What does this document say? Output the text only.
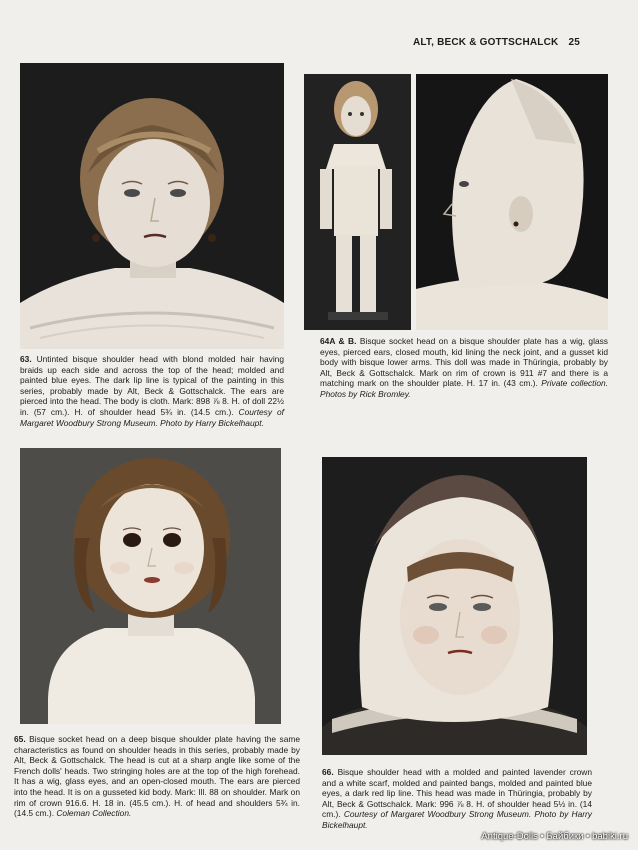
ALT, BECK & GOTTSCHALCK 25
63. Untinted bisque shoulder head with blond molded hair having braids up each side and across the top of the head; molded and painted blue eyes. The dark lip line is typical of the painting in this series, probably made by Alt, Beck & Gottschalck. The ears are pierced into the head. The body is cloth. Mark: 898 ⅞ 8. H. of doll 22½ in. (57 cm.). H. of shoulder head 5¾ in. (14.5 cm.). Courtesy of Margaret Woodbury Strong Museum. Photo by Harry Bickelhaupt.
64A & B. Bisque socket head on a bisque shoulder plate has a wig, glass eyes, pierced ears, closed mouth, kid lining the neck joint, and a gusset kid body with bisque lower arms. This doll was made in Thüringia, probably by Alt, Beck & Gottschalck. Mark on rim of crown is 911 #7 and there is a matching mark on the shoulder plate. H. 17 in. (43 cm.). Private collection. Photos by Rick Bromley.
65. Bisque socket head on a deep bisque shoulder plate having the same characteristics as found on shoulder heads in this series, probably made by Alt, Beck & Gottschalck. The head is cut at a sharp angle like some of the French dolls' heads. Two stringing holes are at the top of the high forehead. It has a wig, glass eyes, and an open-closed mouth. The ears are pierced into the head. It is on a gusseted kid body. Mark: Ill. 88 on shoulder. Mark on rim of crown 916.6. H. 18 in. (45.5 cm.). H. of head and shoulders 5¾ in. (14.5 cm.). Coleman Collection.
66. Bisque shoulder head with a molded and painted lavender crown and a white scarf, molded and painted bangs, molded and painted blue eyes, a dark red lip line. This head was made in Thüringia, probably by Alt, Beck & Gottschalck. Mark: 996 ⅞ 8. H. of shoulder head 5½ in. (14 cm.). Courtesy of Margaret Woodbury Strong Museum. Photo by Harry Bickelhaupt.
Antique-Dolls • Байбики • babiki.ru
